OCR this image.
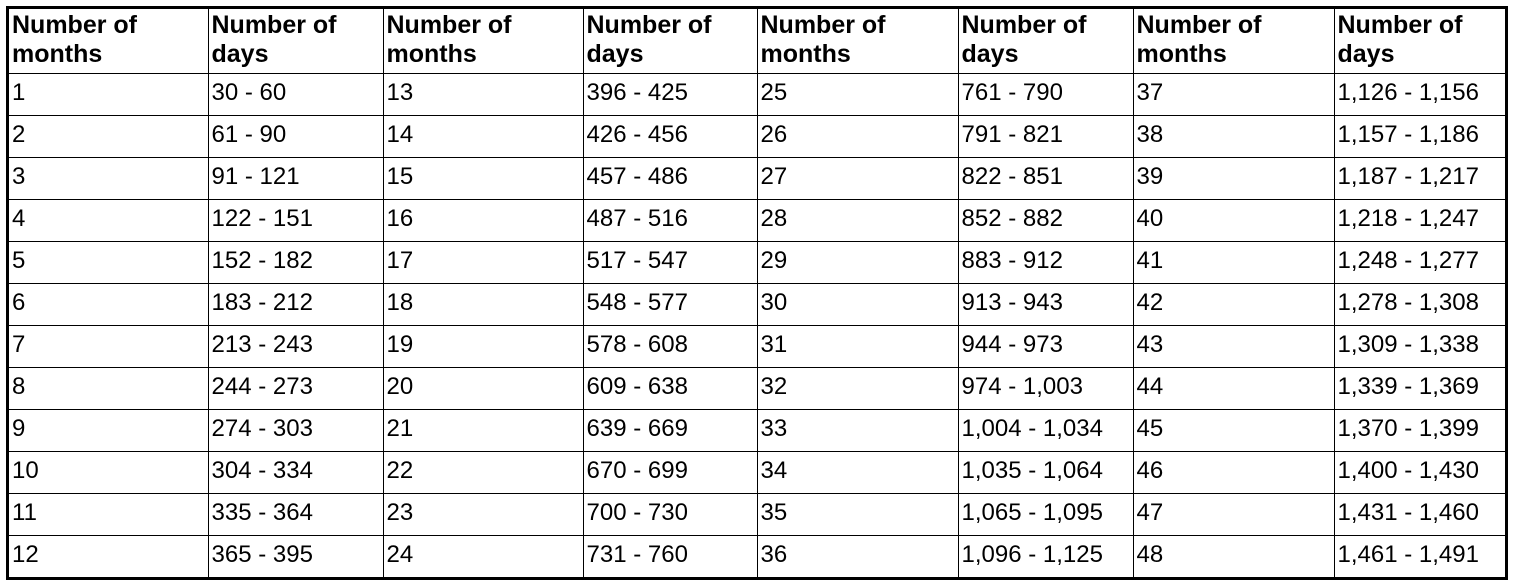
Number of months	Number of days	Number of months	Number of days	Number of months	Number of days	Number of months	Number of days
1	30 - 60	13	396 - 425	25	761 - 790	37	1,126 - 1,156
2	61 - 90	14	426 - 456	26	791 - 821	38	1,157 - 1,186
3	91 - 121	15	457 - 486	27	822 - 851	39	1,187 - 1,217
4	122 - 151	16	487 - 516	28	852 - 882	40	1,218 - 1,247
5	152 - 182	17	517 - 547	29	883 - 912	41	1,248 - 1,277
6	183 - 212	18	548 - 577	30	913 - 943	42	1,278 - 1,308
7	213 - 243	19	578 - 608	31	944 - 973	43	1,309 - 1,338
8	244 - 273	20	609 - 638	32	974 - 1,003	44	1,339 - 1,369
9	274 - 303	21	639 - 669	33	1,004 - 1,034	45	1,370 - 1,399
10	304 - 334	22	670 - 699	34	1,035 - 1,064	46	1,400 - 1,430
11	335 - 364	23	700 - 730	35	1,065 - 1,095	47	1,431 - 1,460
12	365 - 395	24	731 - 760	36	1,096 - 1,125	48	1,461 - 1,491
